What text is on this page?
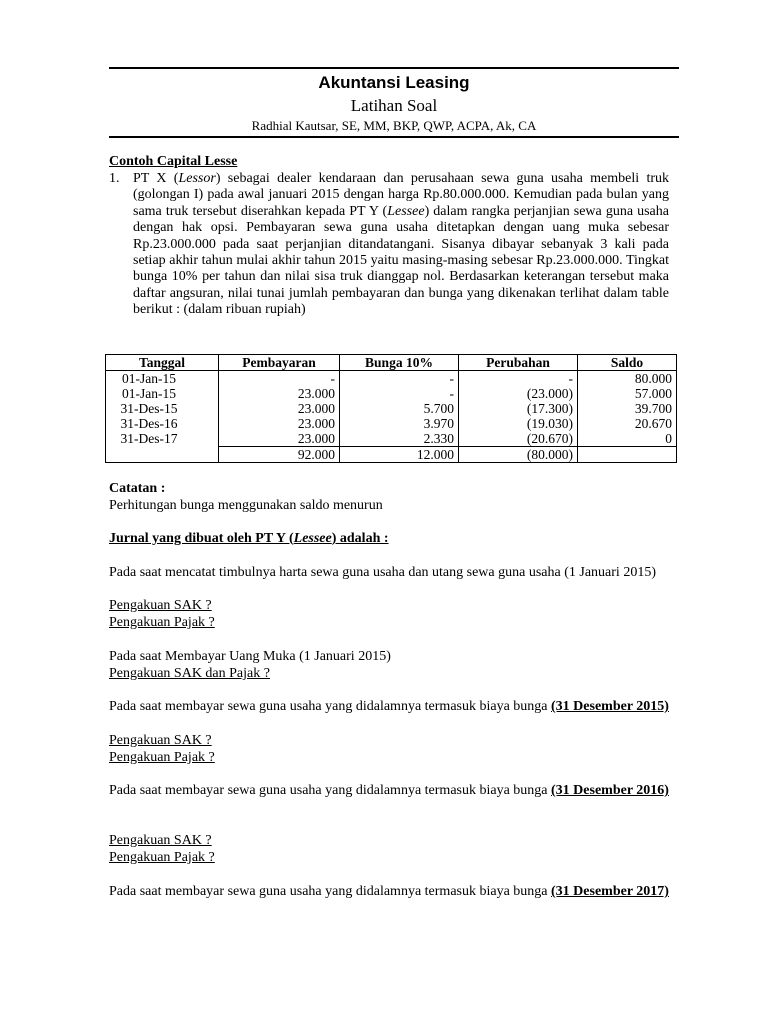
Akuntansi Leasing
Latihan Soal
Radhial Kautsar, SE, MM, BKP, QWP, ACPA, Ak, CA
Contoh Capital Lesse
1. PT X (Lessor) sebagai dealer kendaraan dan perusahaan sewa guna usaha membeli truk (golongan I) pada awal januari 2015 dengan harga Rp.80.000.000. Kemudian pada bulan yang sama truk tersebut diserahkan kepada PT Y (Lessee) dalam rangka perjanjian sewa guna usaha dengan hak opsi. Pembayaran sewa guna usaha ditetapkan dengan uang muka sebesar Rp.23.000.000 pada saat perjanjian ditandatangani. Sisanya dibayar sebanyak 3 kali pada setiap akhir tahun mulai akhir tahun 2015 yaitu masing-masing sebesar Rp.23.000.000. Tingkat bunga 10% per tahun dan nilai sisa truk dianggap nol. Berdasarkan keterangan tersebut maka daftar angsuran, nilai tunai jumlah pembayaran dan bunga yang dikenakan terlihat dalam table berikut : (dalam ribuan rupiah)
Tanggal	Pembayaran	Bunga 10%	Perubahan	Saldo
01-Jan-15	-	-	-	80.000
01-Jan-15	23.000	-	(23.000)	57.000
31-Des-15	23.000	5.700	(17.300)	39.700
31-Des-16	23.000	3.970	(19.030)	20.670
31-Des-17	23.000	2.330	(20.670)	0
	92.000	12.000	(80.000)	
Catatan :
Perhitungan bunga menggunakan saldo menurun
Jurnal yang dibuat oleh PT Y (Lessee) adalah :
Pada saat mencatat timbulnya harta sewa guna usaha dan utang sewa guna usaha (1 Januari 2015)
Pengakuan SAK ?
Pengakuan Pajak ?
Pada saat Membayar Uang Muka (1 Januari 2015)
Pengakuan SAK dan Pajak ?
Pada saat membayar sewa guna usaha yang didalamnya termasuk biaya bunga (31 Desember 2015)
Pengakuan SAK ?
Pengakuan Pajak ?
Pada saat membayar sewa guna usaha yang didalamnya termasuk biaya bunga (31 Desember 2016)
Pengakuan SAK ?
Pengakuan Pajak ?
Pada saat membayar sewa guna usaha yang didalamnya termasuk biaya bunga (31 Desember 2017)
